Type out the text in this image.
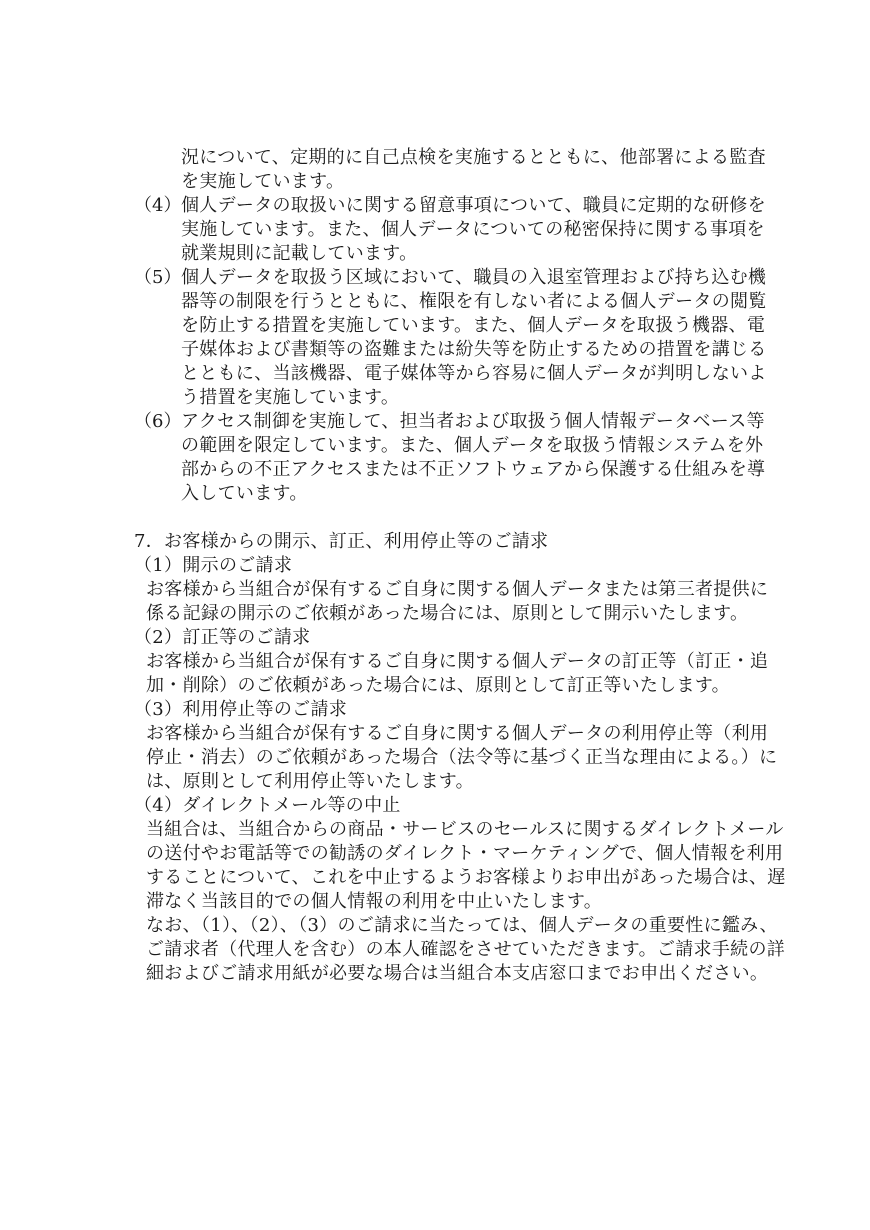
況について、定期的に自己点検を実施するとともに、他部署による監査
を実施しています。
（4） 個人データの取扱いに関する留意事項について、職員に定期的な研修を
実施しています。また、個人データについての秘密保持に関する事項を
就業規則に記載しています。
（5） 個人データを取扱う区域において、職員の入退室管理および持ち込む機
器等の制限を行うとともに、権限を有しない者による個人データの閲覧
を防止する措置を実施しています。また、個人データを取扱う機器、電
子媒体および書類等の盗難または紛失等を防止するための措置を講じる
とともに、当該機器、電子媒体等から容易に個人データが判明しないよ
う措置を実施しています。
（6） アクセス制御を実施して、担当者および取扱う個人情報データベース等
の範囲を限定しています。また、個人データを取扱う情報システムを外
部からの不正アクセスまたは不正ソフトウェアから保護する仕組みを導
入しています。
7．お客様からの開示、訂正、利用停止等のご請求
（1）開示のご請求
お客様から当組合が保有するご自身に関する個人データまたは第三者提供に
係る記録の開示のご依頼があった場合には、原則として開示いたします。
（2）訂正等のご請求
お客様から当組合が保有するご自身に関する個人データの訂正等（訂正・追
加・削除）のご依頼があった場合には、原則として訂正等いたします。
（3）利用停止等のご請求
お客様から当組合が保有するご自身に関する個人データの利用停止等（利用
停止・消去）のご依頼があった場合（法令等に基づく正当な理由による。）に
は、原則として利用停止等いたします。
（4）ダイレクトメール等の中止
当組合は、当組合からの商品・サービスのセールスに関するダイレクトメール
の送付やお電話等での勧誘のダイレクト・マーケティングで、個人情報を利用
することについて、これを中止するようお客様よりお申出があった場合は、遅
滞なく当該目的での個人情報の利用を中止いたします。
なお、（1）、（2）、（3）のご請求に当たっては、個人データの重要性に鑑み、
ご請求者（代理人を含む）の本人確認をさせていただきます。ご請求手続の詳
細およびご請求用紙が必要な場合は当組合本支店窓口までお申出ください。
